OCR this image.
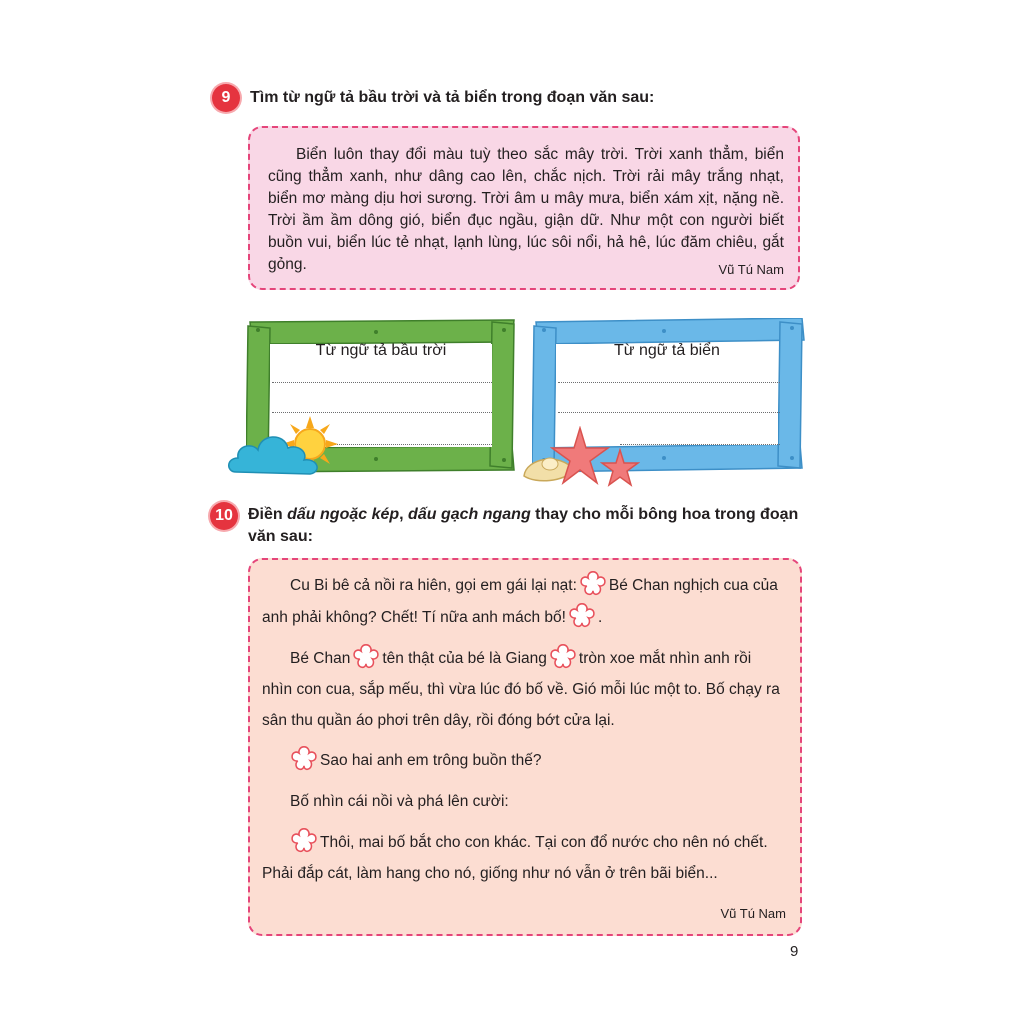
9	Tìm từ ngữ tả bầu trời và tả biển trong đoạn văn sau:

Biển luôn thay đổi màu tuỳ theo sắc mây trời. Trời xanh thẳm, biển cũng thẳm xanh, như dâng cao lên, chắc nịch. Trời rải mây trắng nhạt, biển mơ màng dịu hơi sương. Trời âm u mây mưa, biển xám xịt, nặng nề. Trời ầm ầm dông gió, biển đục ngầu, giận dữ. Như một con người biết buồn vui, biển lúc tẻ nhạt, lạnh lùng, lúc sôi nổi, hả hê, lúc đăm chiêu, gắt gỏng.	Vũ Tú Nam
Từ ngữ tả bầu trời	Từ ngữ tả biển
10 Điền dấu ngoặc kép, dấu gạch ngang thay cho mỗi bông hoa trong đoạn
văn sau:
Cu Bi bê cả nồi ra hiên, gọi em gái lại nạt: Bé Chan nghịch cua của
anh phải không? Chết! Tí nữa anh mách bố! .
Bé Chan tên thật của bé là Giang tròn xoe mắt nhìn anh rồi
nhìn con cua, sắp mếu, thì vừa lúc đó bố về. Gió mỗi lúc một to. Bố chạy ra
sân thu quần áo phơi trên dây, rồi đóng bớt cửa lại.
Sao hai anh em trông buồn thế?
Bố nhìn cái nồi và phá lên cười:
Thôi, mai bố bắt cho con khác. Tại con đổ nước cho nên nó chết.
Phải đắp cát, làm hang cho nó, giống như nó vẫn ở trên bãi biển...
Vũ Tú Nam
9
